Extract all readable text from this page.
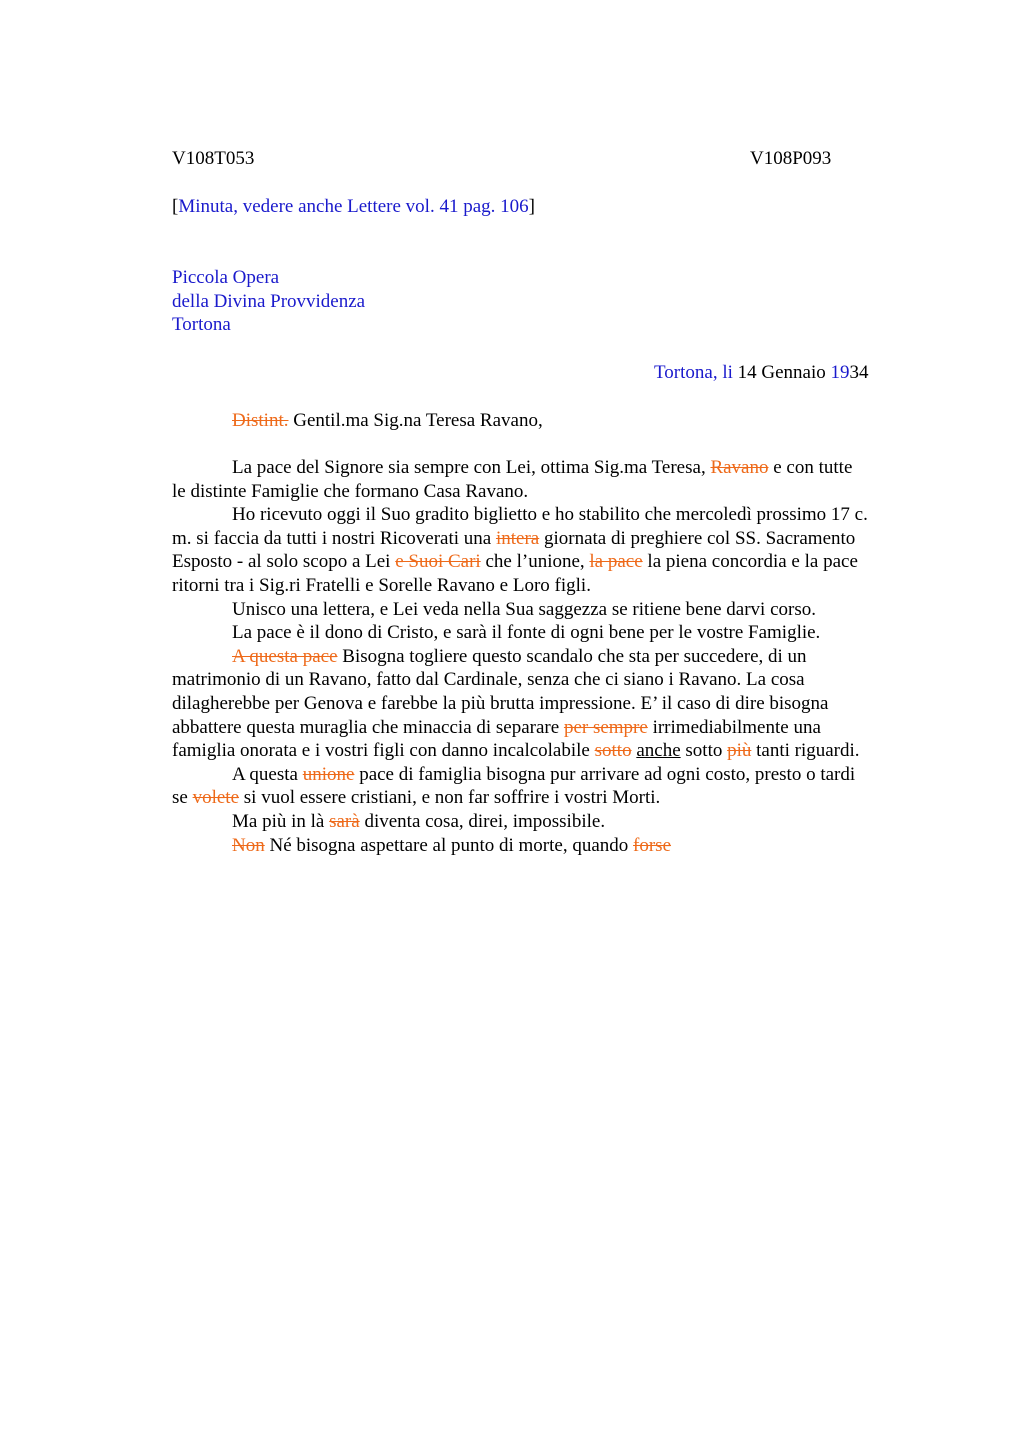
V108T053	V108P093
[Minuta, vedere anche Lettere vol. 41 pag. 106]
Piccola Opera
della Divina Provvidenza
Tortona
Tortona, li 14 Gennaio 1934
Distint. Gentil.ma Sig.na Teresa Ravano,

La pace del Signore sia sempre con Lei, ottima Sig.ma Teresa, Ravano e con tutte

le distinte Famiglie che formano Casa Ravano.

Ho ricevuto oggi il Suo gradito biglietto e ho stabilito che mercoledì prossimo 17 c.

m. si faccia da tutti i nostri Ricoverati una intera giornata di preghiere col SS. Sacramento
Esposto - al solo scopo a Lei e Suoi Cari che l’unione, la pace la piena concordia e la pace
ritorni tra i Sig.ri Fratelli e Sorelle Ravano e Loro figli.

Unisco una lettera, e Lei veda nella Sua saggezza se ritiene bene darvi corso.

La pace è il dono di Cristo, e sarà il fonte di ogni bene per le vostre Famiglie.

A questa pace Bisogna togliere questo scandalo che sta per succedere, di un

matrimonio di un Ravano, fatto dal Cardinale, senza che ci siano i Ravano. La cosa
dilagherebbe per Genova e farebbe la più brutta impressione. E’ il caso di dire bisogna
abbattere questa muraglia che minaccia di separare per sempre irrimediabilmente una
famiglia onorata e i vostri figli con danno incalcolabile sotto anche sotto più tanti riguardi.

A questa unione pace di famiglia bisogna pur arrivare ad ogni costo, presto o tardi

se volete si vuol essere cristiani, e non far soffrire i vostri Morti.

Ma più in là sarà diventa cosa, direi, impossibile.

Non Né bisogna aspettare al punto di morte, quando forse
